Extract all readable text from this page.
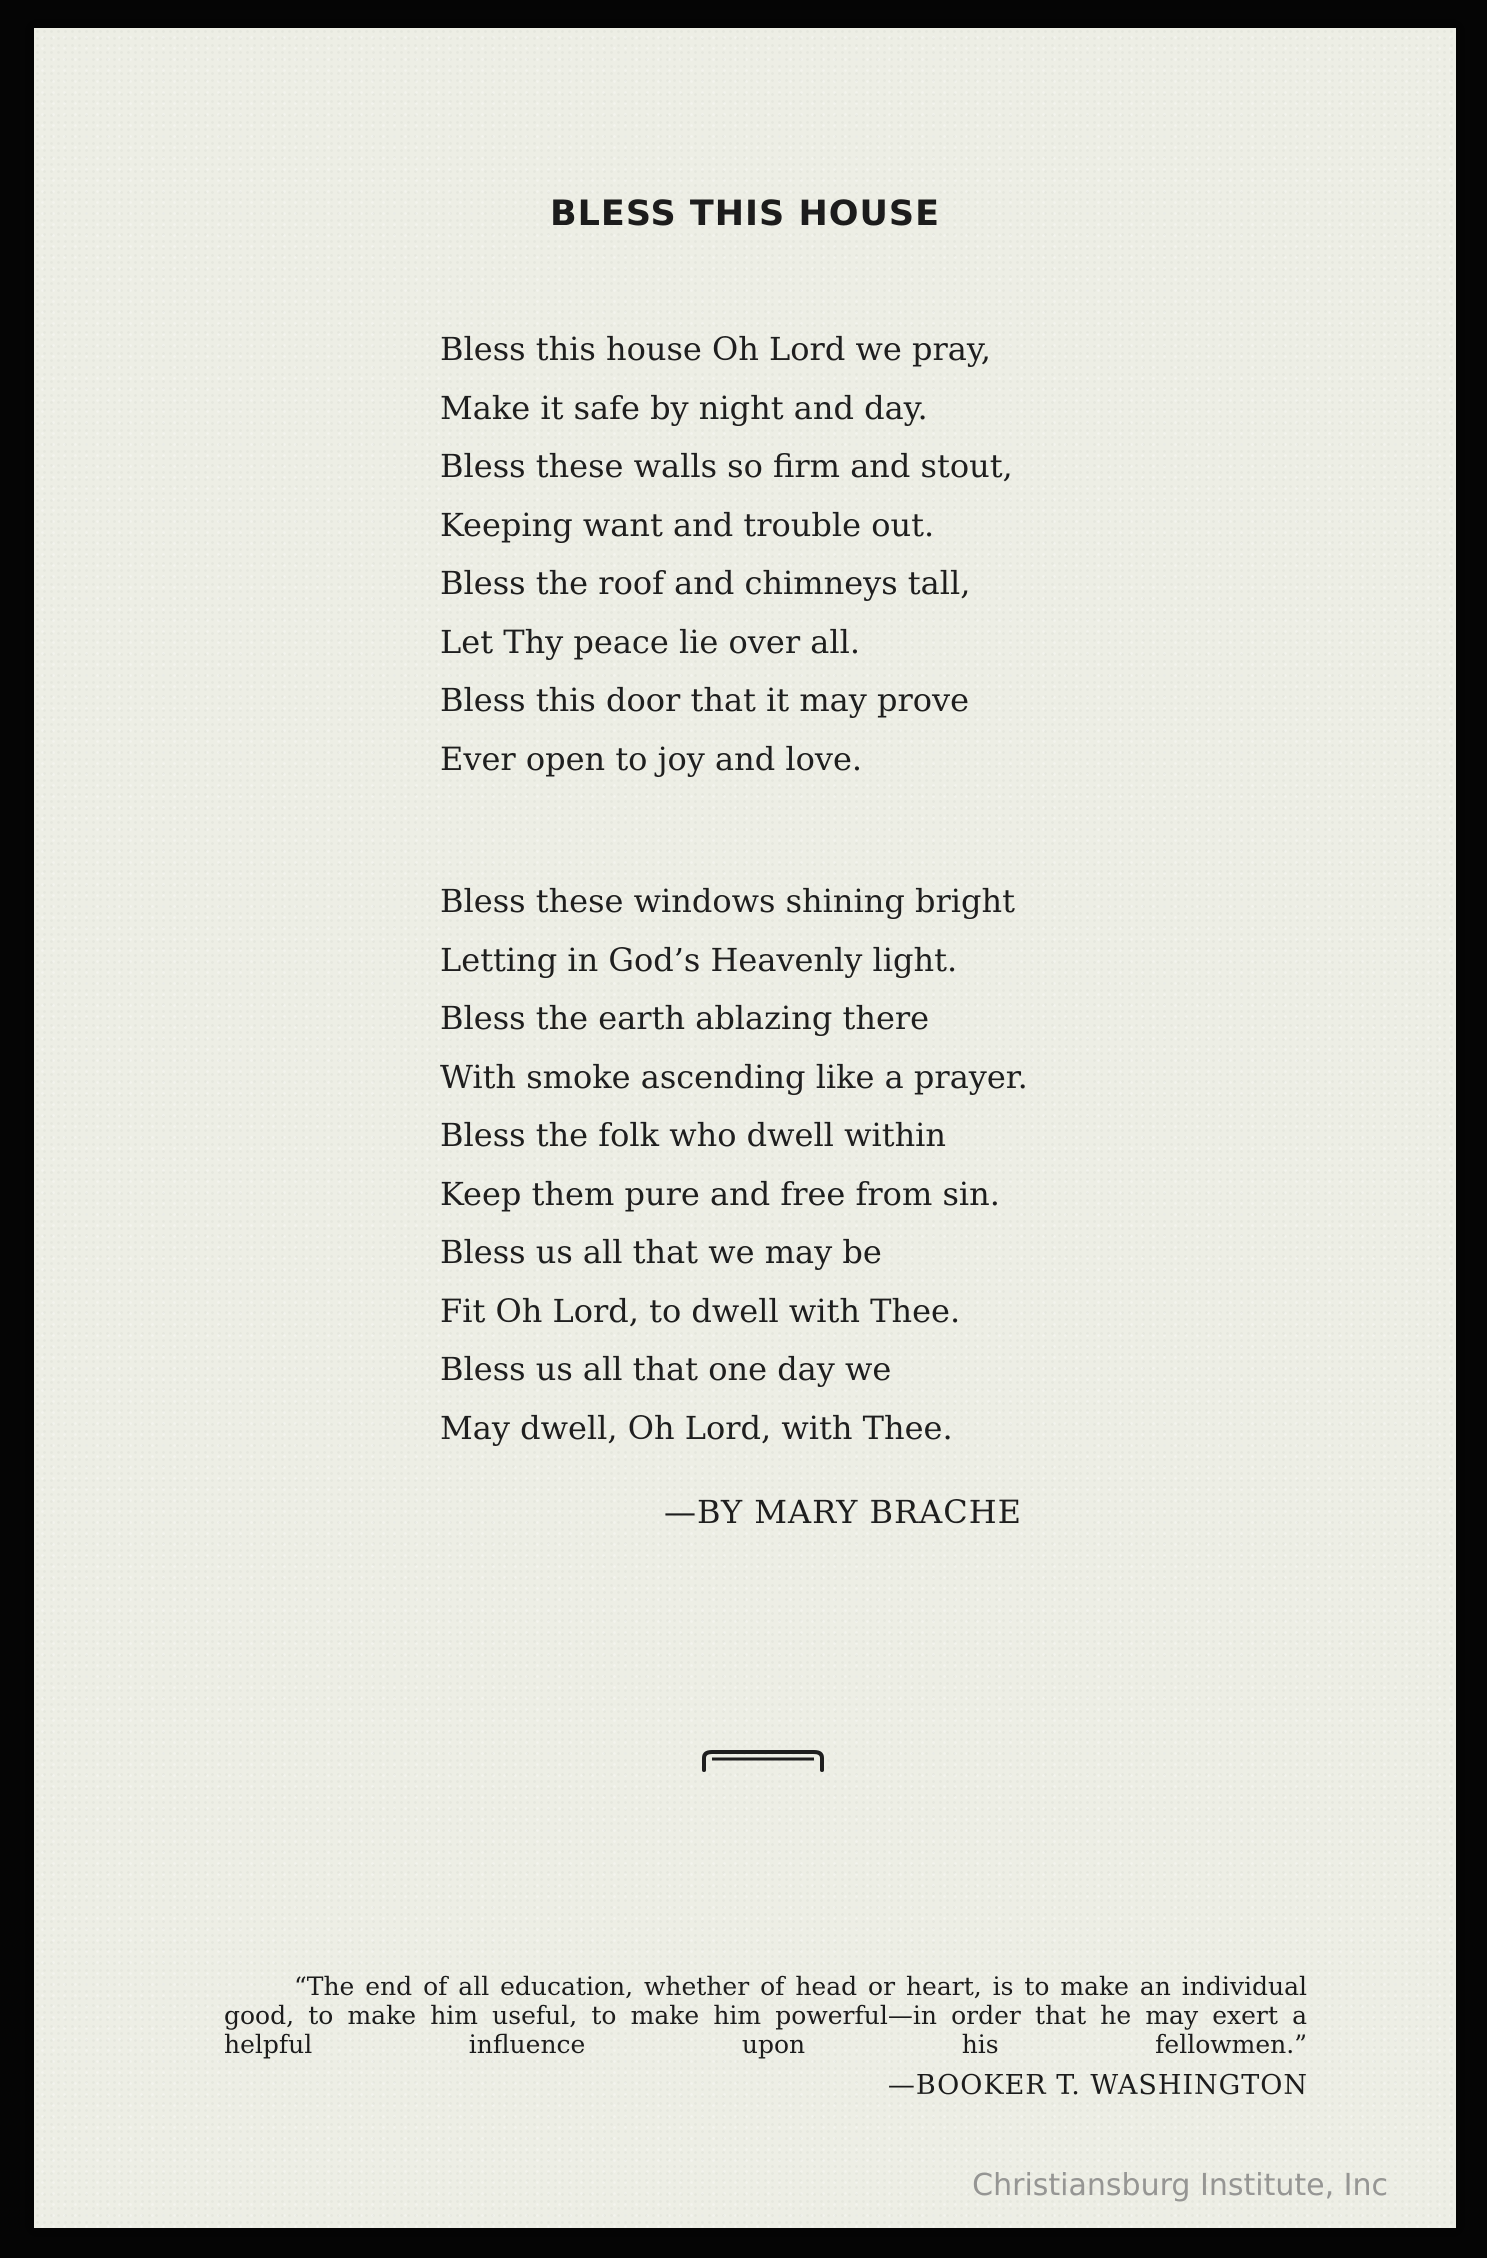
BLESS THIS HOUSE
Bless this house Oh Lord we pray,
Make it safe by night and day.
Bless these walls so firm and stout,
Keeping want and trouble out.
Bless the roof and chimneys tall,
Let Thy peace lie over all.
Bless this door that it may prove
Ever open to joy and love.
Bless these windows shining bright
Letting in God’s Heavenly light.
Bless the earth ablazing there
With smoke ascending like a prayer.
Bless the folk who dwell within
Keep them pure and free from sin.
Bless us all that we may be
Fit Oh Lord, to dwell with Thee.
Bless us all that one day we
May dwell, Oh Lord, with Thee.
—BY MARY BRACHE

“The end of all education, whether of head or heart, is to make an individual good, to make him useful, to make him powerful—in order that he may exert a helpful influence upon his fellowmen.”

—BOOKER T. WASHINGTON
Christiansburg Institute, Inc
